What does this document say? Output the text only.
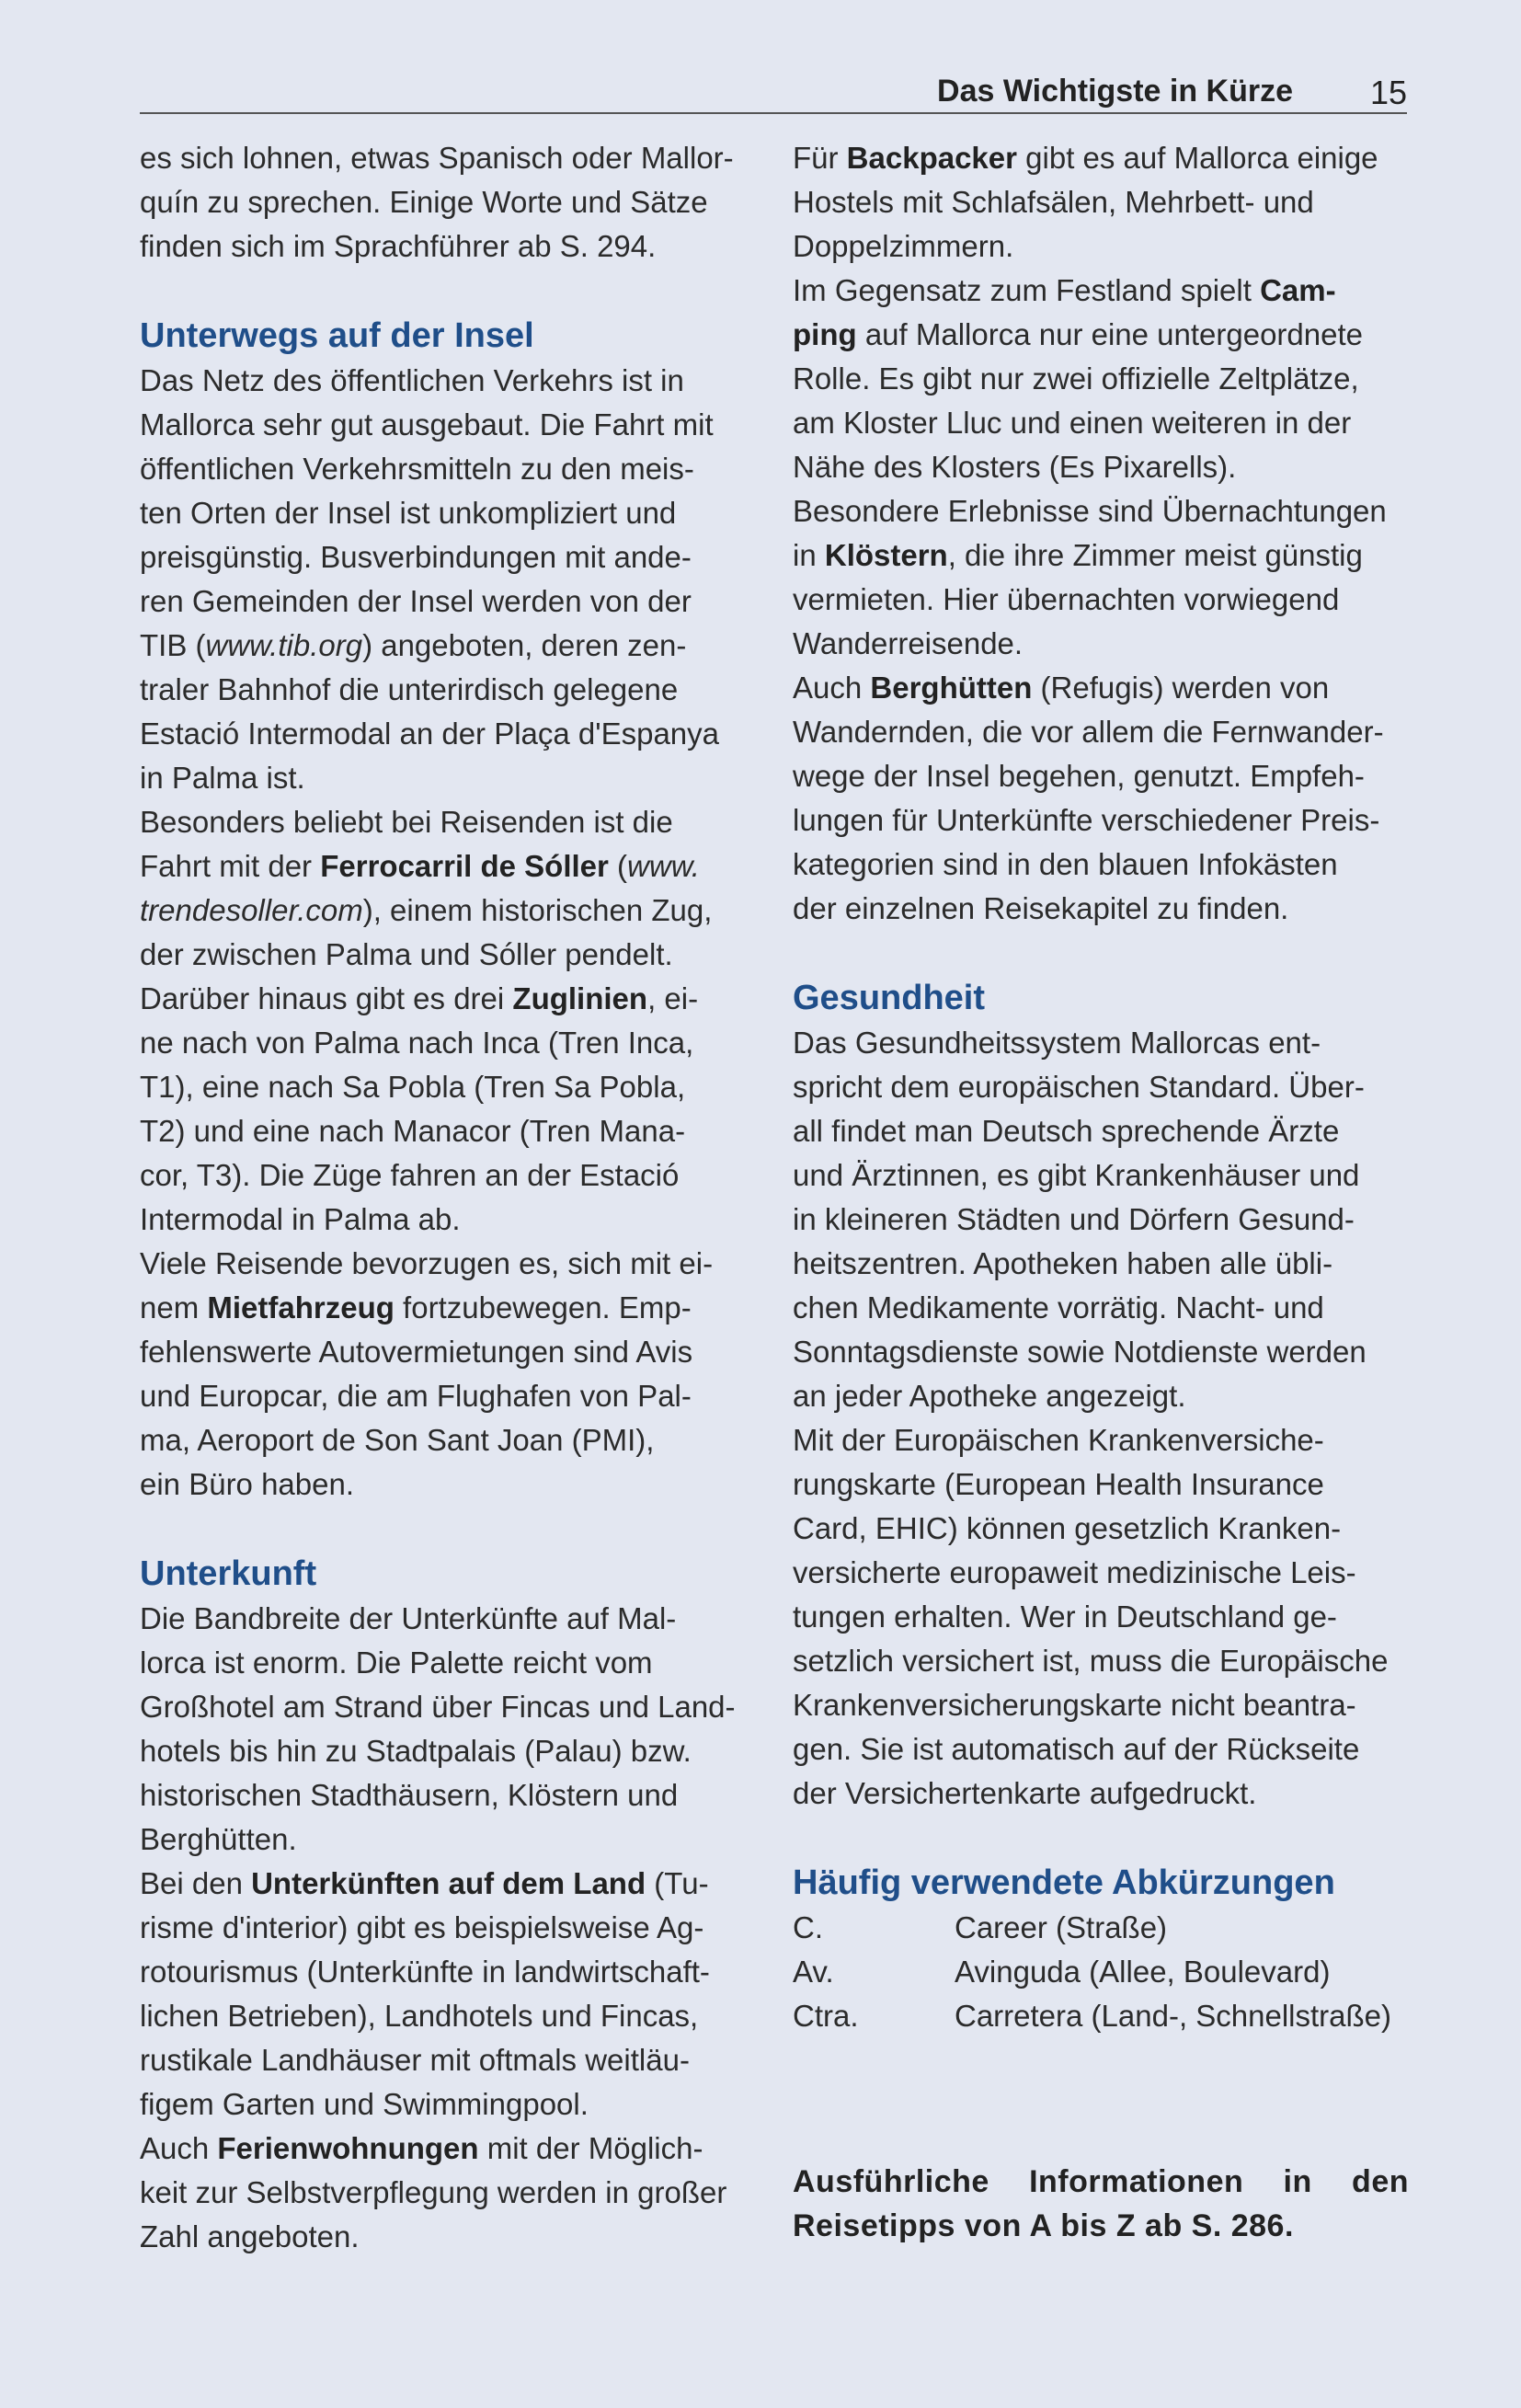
Das Wichtigste in Kürze 15

es sich lohnen, etwas Spanisch oder Mallor-

quín zu sprechen. Einige Worte und Sätze

finden sich im Sprachführer ab S. 294.

Unterwegs auf der Insel

Das Netz des öffentlichen Verkehrs ist in

Mallorca sehr gut ausgebaut. Die Fahrt mit

öffentlichen Verkehrsmitteln zu den meis-

ten Orten der Insel ist unkompliziert und

preisgünstig. Busverbindungen mit ande-

ren Gemeinden der Insel werden von der

TIB (www.tib.org) angeboten, deren zen-

traler Bahnhof die unterirdisch gelegene

Estació Intermodal an der Plaça d'Espanya

in Palma ist.

Besonders beliebt bei Reisenden ist die

Fahrt mit der Ferrocarril de Sóller (www.

trendesoller.com), einem historischen Zug,

der zwischen Palma und Sóller pendelt.

Darüber hinaus gibt es drei Zuglinien, ei-

ne nach von Palma nach Inca (Tren Inca,

T1), eine nach Sa Pobla (Tren Sa Pobla,

T2) und eine nach Manacor (Tren Mana-

cor, T3). Die Züge fahren an der Estació

Intermodal in Palma ab.

Viele Reisende bevorzugen es, sich mit ei-

nem Mietfahrzeug fortzubewegen. Emp-

fehlenswerte Autovermietungen sind Avis

und Europcar, die am Flughafen von Pal-

ma, Aeroport de Son Sant Joan (PMI),

ein Büro haben.

Unterkunft

Die Bandbreite der Unterkünfte auf Mal-

lorca ist enorm. Die Palette reicht vom

Großhotel am Strand über Fincas und Land-

hotels bis hin zu Stadtpalais (Palau) bzw.

historischen Stadthäusern, Klöstern und

Berghütten.

Bei den Unterkünften auf dem Land (Tu-

risme d'interior) gibt es beispielsweise Ag-

rotourismus (Unterkünfte in landwirtschaft-

lichen Betrieben), Landhotels und Fincas,

rustikale Landhäuser mit oftmals weitläu-

figem Garten und Swimmingpool.

Auch Ferienwohnungen mit der Möglich-

keit zur Selbstverpflegung werden in großer

Zahl angeboten.

Für Backpacker gibt es auf Mallorca einige

Hostels mit Schlafsälen, Mehrbett- und

Doppelzimmern.

Im Gegensatz zum Festland spielt Cam-

ping auf Mallorca nur eine untergeordnete

Rolle. Es gibt nur zwei offizielle Zeltplätze,

am Kloster Lluc und einen weiteren in der

Nähe des Klosters (Es Pixarells).

Besondere Erlebnisse sind Übernachtungen

in Klöstern, die ihre Zimmer meist günstig

vermieten. Hier übernachten vorwiegend

Wanderreisende.

Auch Berghütten (Refugis) werden von

Wandernden, die vor allem die Fernwander-

wege der Insel begehen, genutzt. Empfeh-

lungen für Unterkünfte verschiedener Preis-

kategorien sind in den blauen Infokästen

der einzelnen Reisekapitel zu finden.

Gesundheit

Das Gesundheitssystem Mallorcas ent-

spricht dem europäischen Standard. Über-

all findet man Deutsch sprechende Ärzte

und Ärztinnen, es gibt Krankenhäuser und

in kleineren Städten und Dörfern Gesund-

heitszentren. Apotheken haben alle übli-

chen Medikamente vorrätig. Nacht- und

Sonntagsdienste sowie Notdienste werden

an jeder Apotheke angezeigt.

Mit der Europäischen Krankenversiche-

rungskarte (European Health Insurance

Card, EHIC) können gesetzlich Kranken-

versicherte europaweit medizinische Leis-

tungen erhalten. Wer in Deutschland ge-

setzlich versichert ist, muss die Europäische

Krankenversicherungskarte nicht beantra-

gen. Sie ist automatisch auf der Rückseite

der Versichertenkarte aufgedruckt.

Häufig verwendete Abkürzungen
C.	Career (Straße)
Av.	Avinguda (Allee, Boulevard)
Ctra.	Carretera (Land-, Schnellstraße)

Ausführliche Informationen in den

Reisetipps von A bis Z ab S. 286.
